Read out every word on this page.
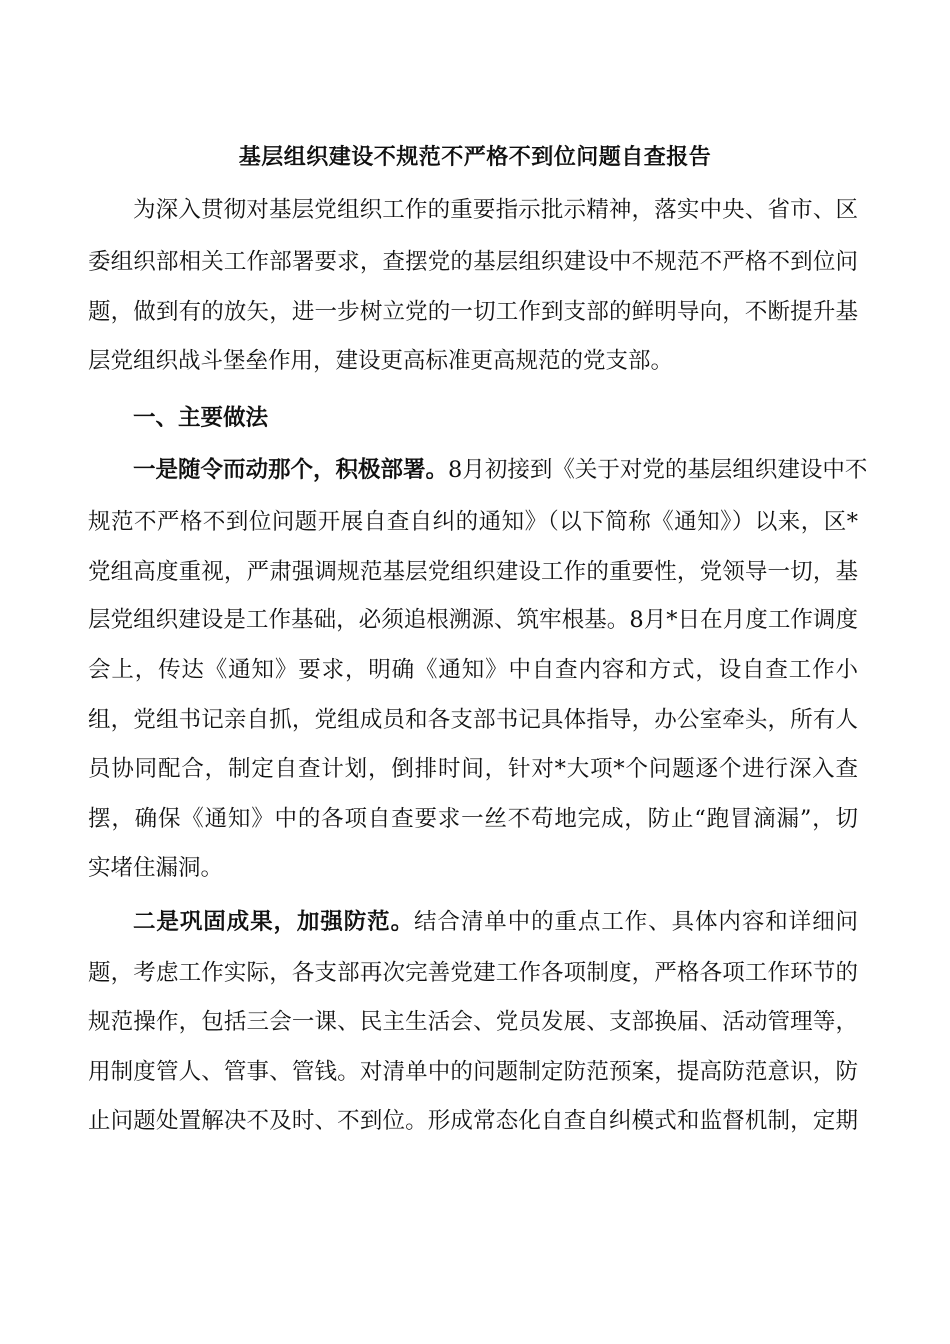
基层组织建设不规范不严格不到位问题自查报告
为深入贯彻对基层党组织工作的重要指示批示精神，落实中央、省市、区
委组织部相关工作部署要求，查摆党的基层组织建设中不规范不严格不到位问
题，做到有的放矢，进一步树立党的一切工作到支部的鲜明导向，不断提升基
层党组织战斗堡垒作用，建设更高标准更高规范的党支部。
一、主要做法
一是随令而动那个，积极部署。8月初接到《关于对党的基层组织建设中不
规范不严格不到位问题开展自查自纠的通知》（以下简称《通知》）以来，区*
党组高度重视，严肃强调规范基层党组织建设工作的重要性，党领导一切，基
层党组织建设是工作基础，必须追根溯源、筑牢根基。8月*日在月度工作调度
会上，传达《通知》要求，明确《通知》中自查内容和方式，设自查工作小
组，党组书记亲自抓，党组成员和各支部书记具体指导，办公室牵头，所有人
员协同配合，制定自查计划，倒排时间，针对*大项*个问题逐个进行深入查
摆，确保《通知》中的各项自查要求一丝不苟地完成，防止“跑冒滴漏”，切
实堵住漏洞。
二是巩固成果，加强防范。结合清单中的重点工作、具体内容和详细问
题，考虑工作实际，各支部再次完善党建工作各项制度，严格各项工作环节的
规范操作，包括三会一课、民主生活会、党员发展、支部换届、活动管理等，
用制度管人、管事、管钱。对清单中的问题制定防范预案，提高防范意识，防
止问题处置解决不及时、不到位。形成常态化自查自纠模式和监督机制，定期
